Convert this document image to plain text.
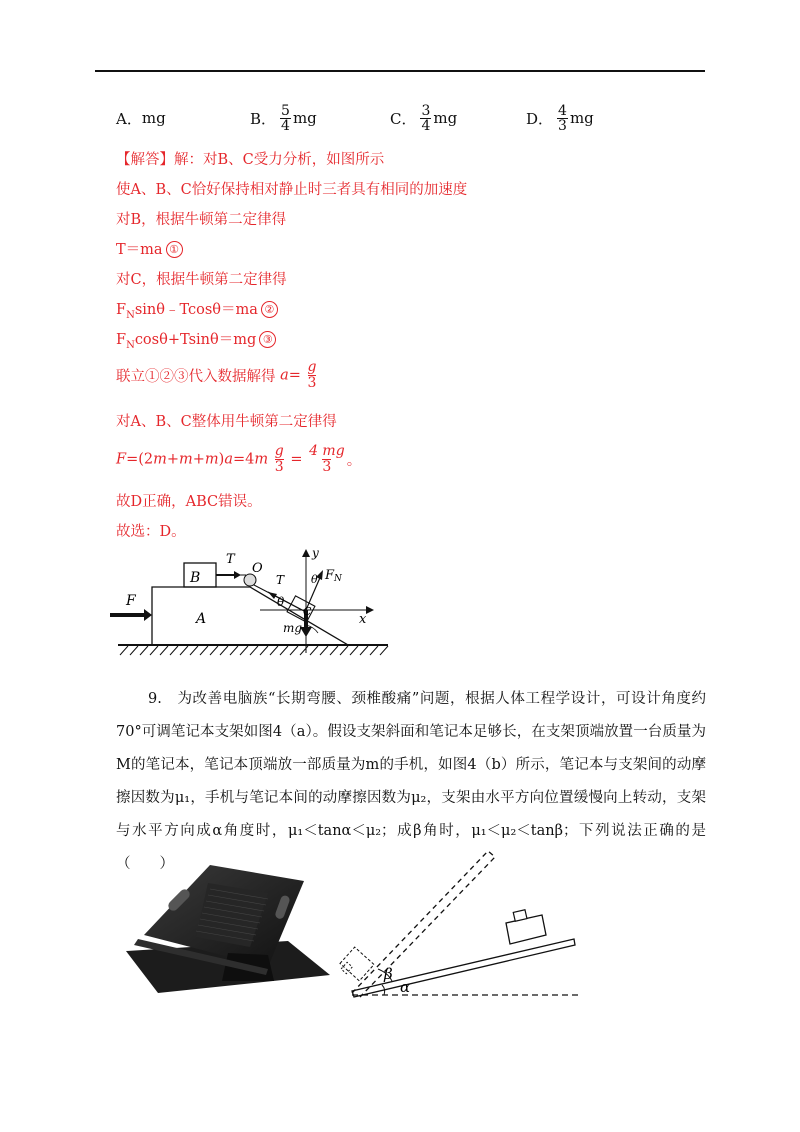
A． mg	B． $\frac{5}{4}$ mg	C． $\frac{3}{4}$ mg	D． $\frac{4}{3}$ mg
【解答】解：对B、C受力分析，如图所示
使A、B、C恰好保持相对静止时三者具有相同的加速度
对B，根据牛顿第二定律得
T＝ma ①
对C，根据牛顿第二定律得
$F_N\sin\theta﹣Tcos\theta=ma$ ②
$F_N\cos\theta+Tsin\theta=mg$ ③
联立①②③代入数据解得 $a= \frac{g}{3}$
对A、B、C整体用牛顿第二定律得
$F=(2m+m+m)a=4m \frac{g}{3} = \frac{4 mg}{3}$ 。
故D正确，ABC错误。
故选：D。
B
A
F
T
O
T
θ
θ
C
FN
y
x
mg
9. 为改善电脑族“长期弯腰、颈椎酸痛”问题，根据人体工程学设计，可设计角度约70°可调笔记本支架如图4（a）。假设支架斜面和笔记本足够长，在支架顶端放置一台质量为M的笔记本，笔记本顶端放一部质量为m的手机，如图4（b）所示，笔记本与支架间的动摩擦因数为μ₁，手机与笔记本间的动摩擦因数为μ₂，支架由水平方向位置缓慢向上转动，支架与水平方向成α角度时，μ₁＜tanα＜μ₂；成β角时，μ₁＜μ₂＜tanβ；下列说法正确的是（　　）
β
α
